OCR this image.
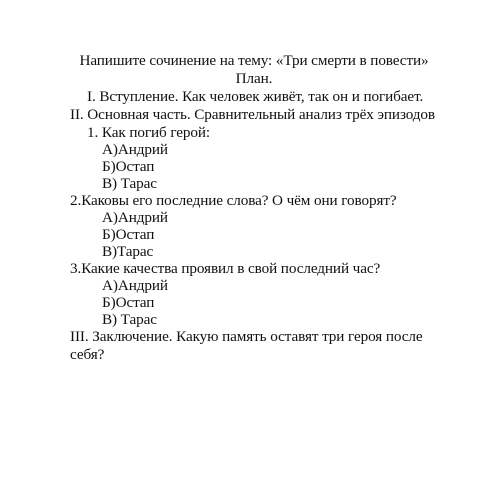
Напишите сочинение на тему: «Три смерти в повести»
План.
I. Вступление. Как человек живёт, так он и погибает.
II. Основная часть. Сравнительный анализ трёх эпизодов
1. Как погиб герой:
А)Андрий
Б)Остап
В) Тарас
2.Каковы его последние слова? О чём они говорят?
А)Андрий
Б)Остап
В)Тарас
3.Какие качества проявил в свой последний час?
А)Андрий
Б)Остап
В) Тарас
III. Заключение. Какую память оставят три героя после
себя?
